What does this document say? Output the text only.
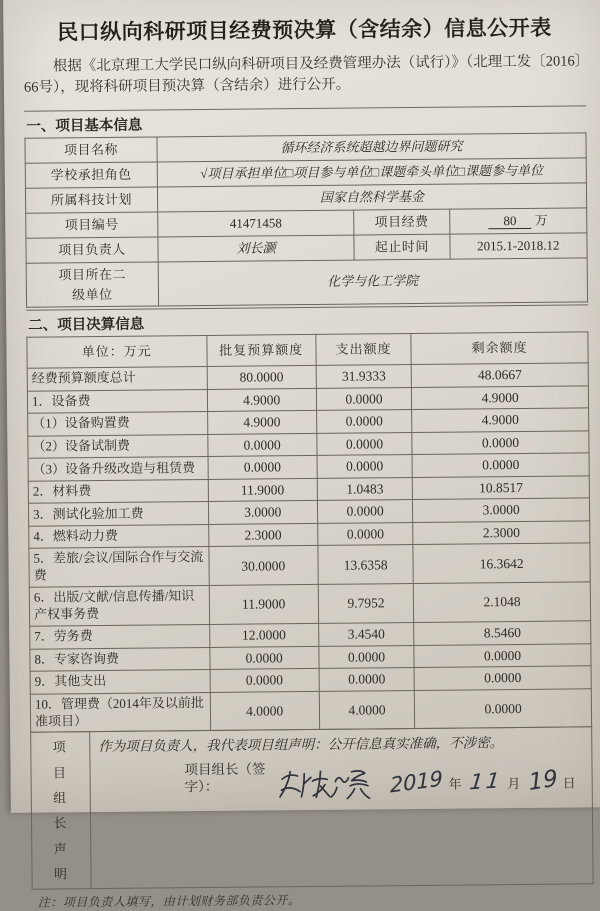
民口纵向科研项目经费预决算（含结余）信息公开表

根据《北京理工大学民口纵向科研项目及经费管理办法（试行）》（北理工发〔2016〕66号），现将科研项目预决算（含结余）进行公开。

一、项目基本信息
项目名称	循环经济系统超越边界问题研究		
学校承担角色	√项目承担单位□项目参与单位□课题牵头单位□课题参与单位		
所属科技计划	国家自然科学基金		
项目编号	41471458	项目经费	80 万
项目负责人	刘长灏	起止时间	2015.1-2018.12
项目所在二级单位	化学与化工学院		
二、项目决算信息
单位：万元	批复预算额度	支出额度	剩余额度
经费预算额度总计	80.0000	31.9333	48.0667
1．设备费	4.9000	0.0000	4.9000
（1）设备购置费	4.9000	0.0000	4.9000
（2）设备试制费	0.0000	0.0000	0.0000
（3）设备升级改造与租赁费	0.0000	0.0000	0.0000
2．材料费	11.9000	1.0483	10.8517
3．测试化验加工费	3.0000	0.0000	3.0000
4．燃料动力费	2.3000	0.0000	2.3000
5．差旅/会议/国际合作与交流费	30.0000	13.6358	16.3642
6．出版/文献/信息传播/知识产权事务费	11.9000	9.7952	2.1048
7．劳务费	12.0000	3.4540	8.5460
8．专家咨询费	0.0000	0.0000	0.0000
9．其他支出	0.0000	0.0000	0.0000
10．管理费（2014年及以前批准项目）	4.0000	4.0000	0.0000
项目组长声明	
作为项目负责人，我代表项目组声明：公开信息真实准确，不涉密。
项目组长（签字）：	2019 年 11 月 19 日

注：项目负责人填写，由计划财务部负责公开。
